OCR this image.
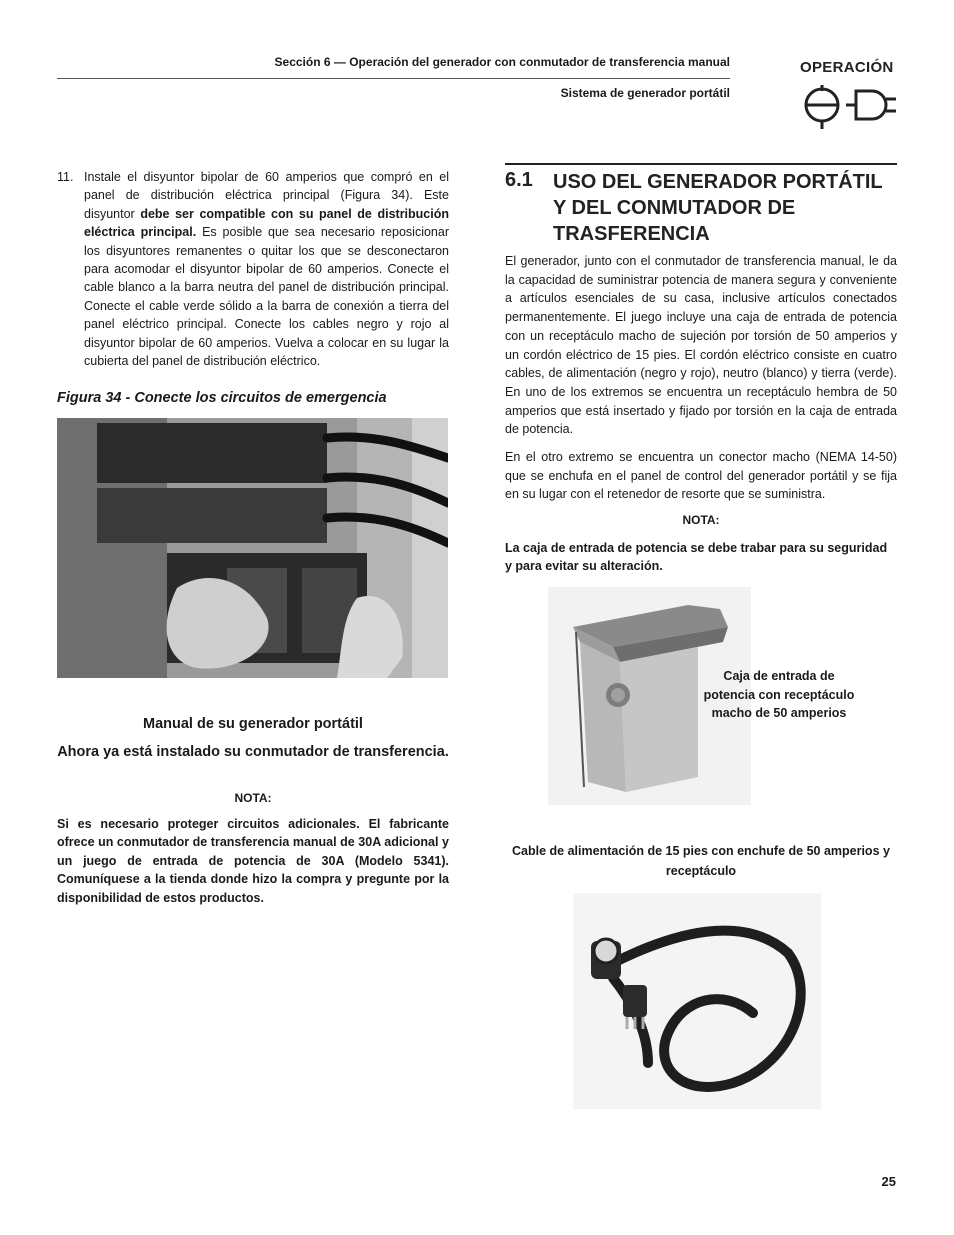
Sección 6 — Operación del generador con conmutador de transferencia manual
Sistema de generador portátil
OPERACIÓN
11. Instale el disyuntor bipolar de 60 amperios que compró en el panel de distribución eléctrica principal (Figura 34). Este disyuntor debe ser compatible con su panel de distribución eléctrica principal. Es posible que sea necesario reposicionar los disyuntores remanentes o quitar los que se desconectaron para acomodar el disyuntor bipolar de 60 amperios. Conecte el cable blanco a la barra neutra del panel de distribución principal. Conecte el cable verde sólido a la barra de conexión a tierra del panel eléctrico principal. Conecte los cables negro y rojo al disyuntor bipolar de 60 amperios. Vuelva a colocar en su lugar la cubierta del panel de distribución eléctrico.
Figura 34 - Conecte los circuitos de emergencia
Manual de su generador portátil
Ahora ya está instalado su conmutador de transferencia.
NOTA:
Si es necesario proteger circuitos adicionales. El fabricante ofrece un conmutador de transferencia manual de 30A adicional y un juego de entrada de potencia de 30A (Modelo 5341). Comuníquese a la tienda donde hizo la compra y pregunte por la disponibilidad de estos productos.
6.1 USO DEL GENERADOR PORTÁTIL Y DEL CONMUTADOR DE TRASFERENCIA
El generador, junto con el conmutador de transferencia manual, le da la capacidad de suministrar potencia de manera segura y conveniente a artículos esenciales de su casa, inclusive artículos conectados permanentemente. El juego incluye una caja de entrada de potencia con un receptáculo macho de sujeción por torsión de 50 amperios y un cordón eléctrico de 15 pies. El cordón eléctrico consiste en cuatro cables, de alimentación (negro y rojo), neutro (blanco) y tierra (verde). En uno de los extremos se encuentra un receptáculo hembra de 50 amperios que está insertado y fijado por torsión en la caja de entrada de potencia.
En el otro extremo se encuentra un conector macho (NEMA 14-50) que se enchufa en el panel de control del generador portátil y se fija en su lugar con el retenedor de resorte que se suministra.
NOTA:
La caja de entrada de potencia se debe trabar para su seguridad y para evitar su alteración.
Caja de entrada de potencia con receptáculo macho de 50 amperios
Cable de alimentación de 15 pies con enchufe de 50 amperios y receptáculo
25
